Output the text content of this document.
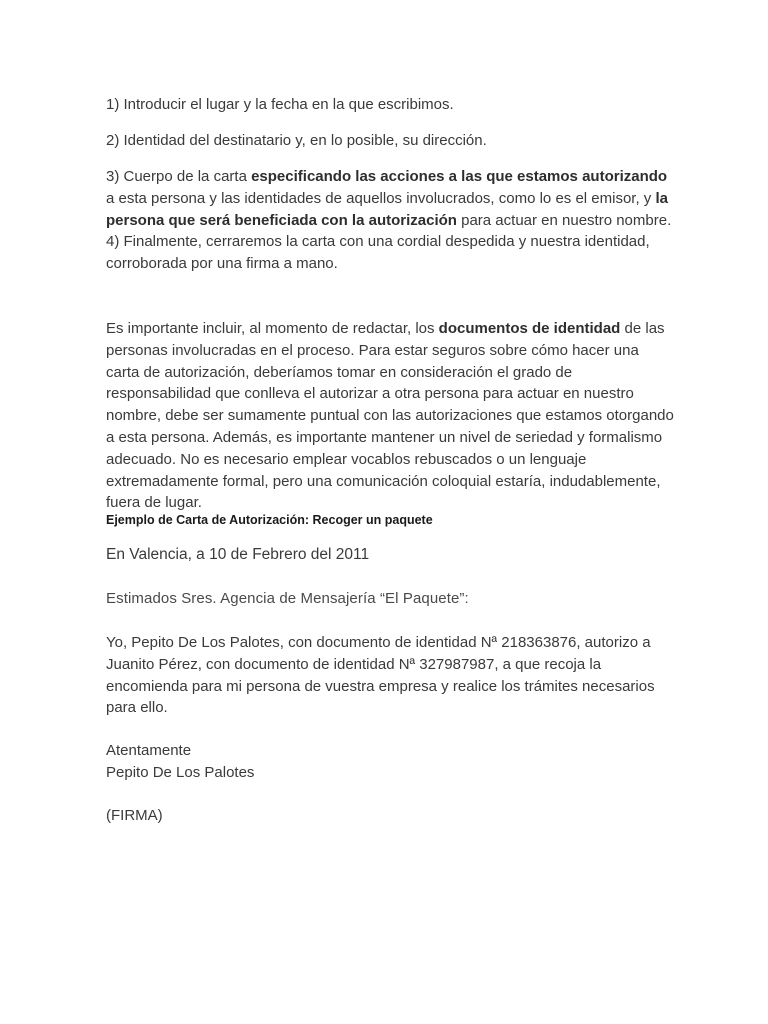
1) Introducir el lugar y la fecha en la que escribimos.

2) Identidad del destinatario y, en lo posible, su dirección.

3) Cuerpo de la carta especificando las acciones a las que estamos autorizando a esta persona y las identidades de aquellos involucrados, como lo es el emisor, y la persona que será beneficiada con la autorización para actuar en nuestro nombre.
4) Finalmente, cerraremos la carta con una cordial despedida y nuestra identidad, corroborada por una firma a mano.

Es importante incluir, al momento de redactar, los documentos de identidad de las personas involucradas en el proceso. Para estar seguros sobre cómo hacer una carta de autorización, deberíamos tomar en consideración el grado de responsabilidad que conlleva el autorizar a otra persona para actuar en nuestro nombre, debe ser sumamente puntual con las autorizaciones que estamos otorgando a esta persona. Además, es importante mantener un nivel de seriedad y formalismo adecuado. No es necesario emplear vocablos rebuscados o un lenguaje extremadamente formal, pero una comunicación coloquial estaría, indudablemente, fuera de lugar.

Ejemplo de Carta de Autorización: Recoger un paquete

En Valencia, a 10 de Febrero del 2011

Estimados Sres. Agencia de Mensajería “El Paquete”:

Yo, Pepito De Los Palotes, con documento de identidad Nª 218363876, autorizo a Juanito Pérez, con documento de identidad Nª 327987987, a que recoja la encomienda para mi persona de vuestra empresa y realice los trámites necesarios para ello.

Atentamente
Pepito De Los Palotes

(FIRMA)
